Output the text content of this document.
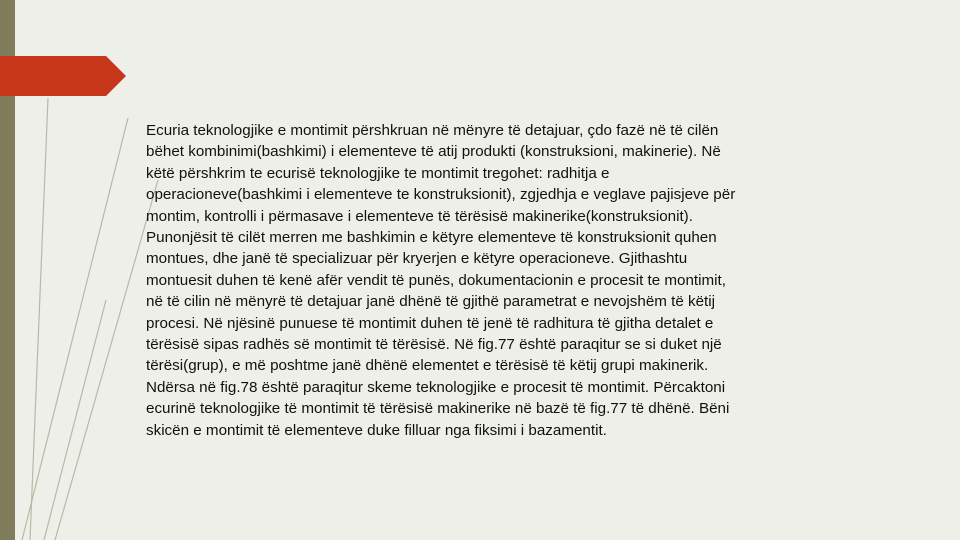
Ecuria teknologjike e montimit përshkruan në mënyre të detajuar, çdo fazë në të cilën
bëhet kombinimi(bashkimi) i elementeve të atij produkti (konstruksioni, makinerie). Në
këtë përshkrim te ecurisë teknologjike te montimit tregohet: radhitja e
operacioneve(bashkimi i elementeve te konstruksionit), zgjedhja e veglave pajisjeve për
montim, kontrolli i përmasave i elementeve të tërësisë makinerike(konstruksionit).
Punonjësit të cilët merren me bashkimin e këtyre elementeve të konstruksionit quhen
montues, dhe janë të specializuar për kryerjen e këtyre operacioneve. Gjithashtu
montuesit duhen të kenë afër vendit të punës, dokumentacionin e procesit te montimit,
në të cilin në mënyrë të detajuar janë dhënë të gjithë parametrat e nevojshëm të këtij
procesi. Në njësinë punuese të montimit duhen të jenë të radhitura të gjitha detalet e
tërësisë sipas radhës së montimit të tërësisë. Në fig.77 është paraqitur se si duket një
tërësi(grup), e më poshtme janë dhënë elementet e tërësisë të këtij grupi makinerik.
Ndërsa në fig.78 është paraqitur skeme teknologjike e procesit të montimit. Përcaktoni
ecurinë teknologjike të montimit të tërësisë makinerike në bazë të fig.77 të dhënë. Bëni
skicën e montimit të elementeve duke filluar nga fiksimi i bazamentit.
